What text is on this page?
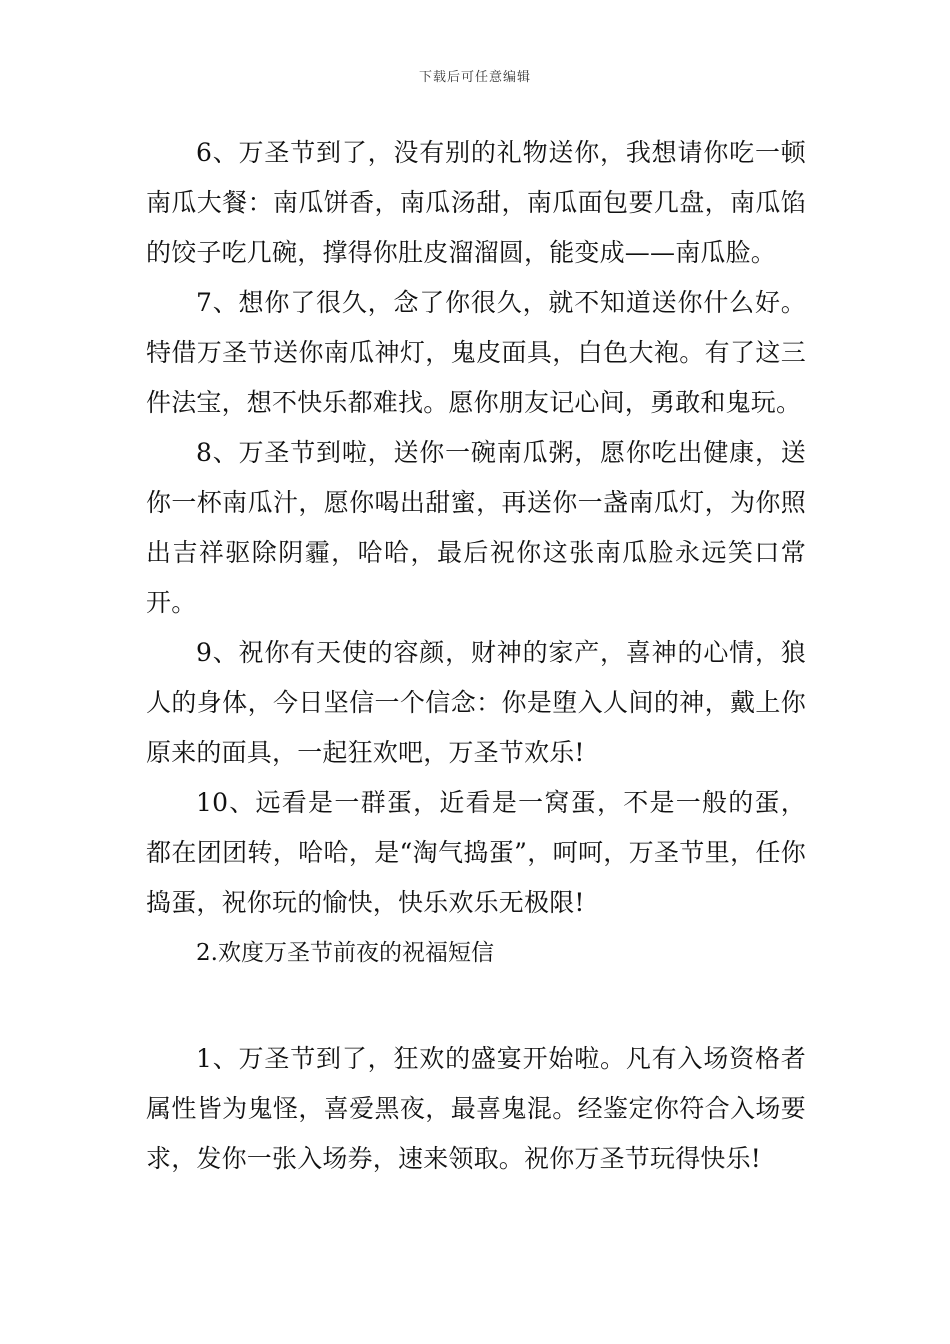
下载后可任意编辑

6、万圣节到了，没有别的礼物送你，我想请你吃一顿南瓜大餐：南瓜饼香，南瓜汤甜，南瓜面包要几盘，南瓜馅的饺子吃几碗，撑得你肚皮溜溜圆，能变成——南瓜脸。

7、想你了很久，念了你很久，就不知道送你什么好。特借万圣节送你南瓜神灯，鬼皮面具，白色大袍。有了这三件法宝，想不快乐都难找。愿你朋友记心间，勇敢和鬼玩。

8、万圣节到啦，送你一碗南瓜粥，愿你吃出健康，送你一杯南瓜汁，愿你喝出甜蜜，再送你一盏南瓜灯，为你照出吉祥驱除阴霾，哈哈，最后祝你这张南瓜脸永远笑口常开。

9、祝你有天使的容颜，财神的家产，喜神的心情，狼人的身体，今日坚信一个信念：你是堕入人间的神，戴上你原来的面具，一起狂欢吧，万圣节欢乐!

10、远看是一群蛋，近看是一窝蛋，不是一般的蛋，都在团团转，哈哈，是“淘气捣蛋”，呵呵，万圣节里，任你捣蛋，祝你玩的愉快，快乐欢乐无极限!

2.欢度万圣节前夜的祝福短信

1、万圣节到了，狂欢的盛宴开始啦。凡有入场资格者属性皆为鬼怪，喜爱黑夜，最喜鬼混。经鉴定你符合入场要求，发你一张入场券，速来领取。祝你万圣节玩得快乐!
